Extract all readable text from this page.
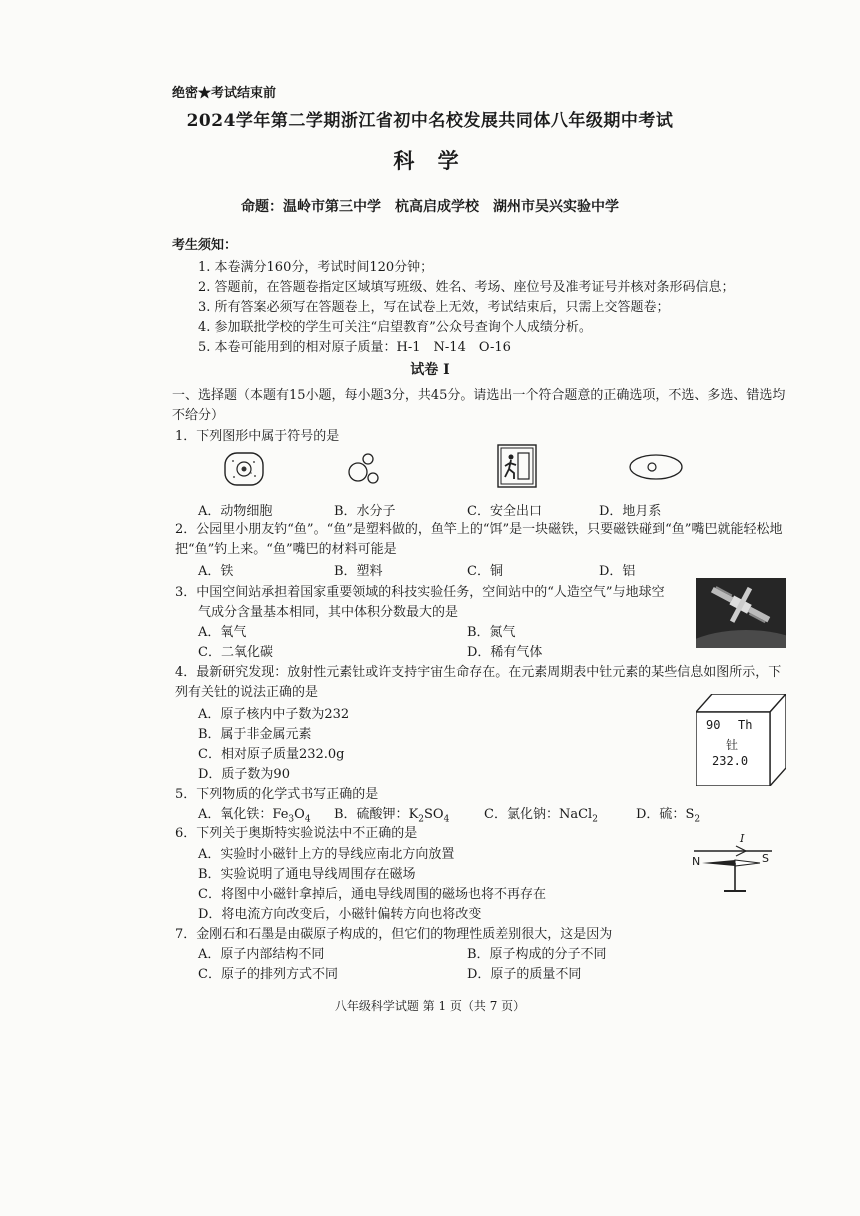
绝密★考试结束前
2024学年第二学期浙江省初中名校发展共同体八年级期中考试
科 学
命题：温岭市第三中学　杭高启成学校　湖州市吴兴实验中学
考生须知：
1. 本卷满分160分，考试时间120分钟；
2. 答题前，在答题卷指定区域填写班级、姓名、考场、座位号及准考证号并核对条形码信息；
3. 所有答案必须写在答题卷上，写在试卷上无效，考试结束后，只需上交答题卷；
4. 参加联批学校的学生可关注“启望教育”公众号查询个人成绩分析。
5. 本卷可能用到的相对原子质量：H-1　N-14　O-16
试卷 I
一、选择题（本题有15小题，每小题3分，共45分。请选出一个符合题意的正确选项，不选、多选、错选均不给分）
1．下列图形中属于符号的是
A．动物细胞	B．水分子	C．安全出口	D．地月系
2．公园里小朋友钓“鱼”。“鱼”是塑料做的，鱼竿上的“饵”是一块磁铁，只要磁铁碰到“鱼”嘴巴就能轻松地把“鱼”钓上来。“鱼”嘴巴的材料可能是
A．铁	B．塑料	C．铜	D．铝
3．中国空间站承担着国家重要领域的科技实验任务，空间站中的“人造空气”与地球空
气成分含量基本相同，其中体积分数最大的是
A．氧气	B．氮气
C．二氧化碳	D．稀有气体
4．最新研究发现：放射性元素钍或许支持宇宙生命存在。在元素周期表中钍元素的某些信息如图所示，下列有关钍的说法正确的是
A．原子核内中子数为232
B．属于非金属元素
C．相对原子质量232.0g
D．质子数为90
90 Th
钍
232.0
5．下列物质的化学式书写正确的是
A．氧化铁：$Fe_3O_4$ B．硫酸钾：$K_2SO_4$	C．氯化钠：NaCl$_2$	D．硫：$S_2$
6．下列关于奥斯特实验说法中不正确的是
A．实验时小磁针上方的导线应南北方向放置
B．实验说明了通电导线周围存在磁场
C．将图中小磁针拿掉后，通电导线周围的磁场也将不再存在
D．将电流方向改变后，小磁针偏转方向也将改变
I
N	S
7．金刚石和石墨是由碳原子构成的，但它们的物理性质差别很大，这是因为
A．原子内部结构不同	B．原子构成的分子不同
C．原子的排列方式不同	D．原子的质量不同
八年级科学试题 第 1 页（共 7 页）
